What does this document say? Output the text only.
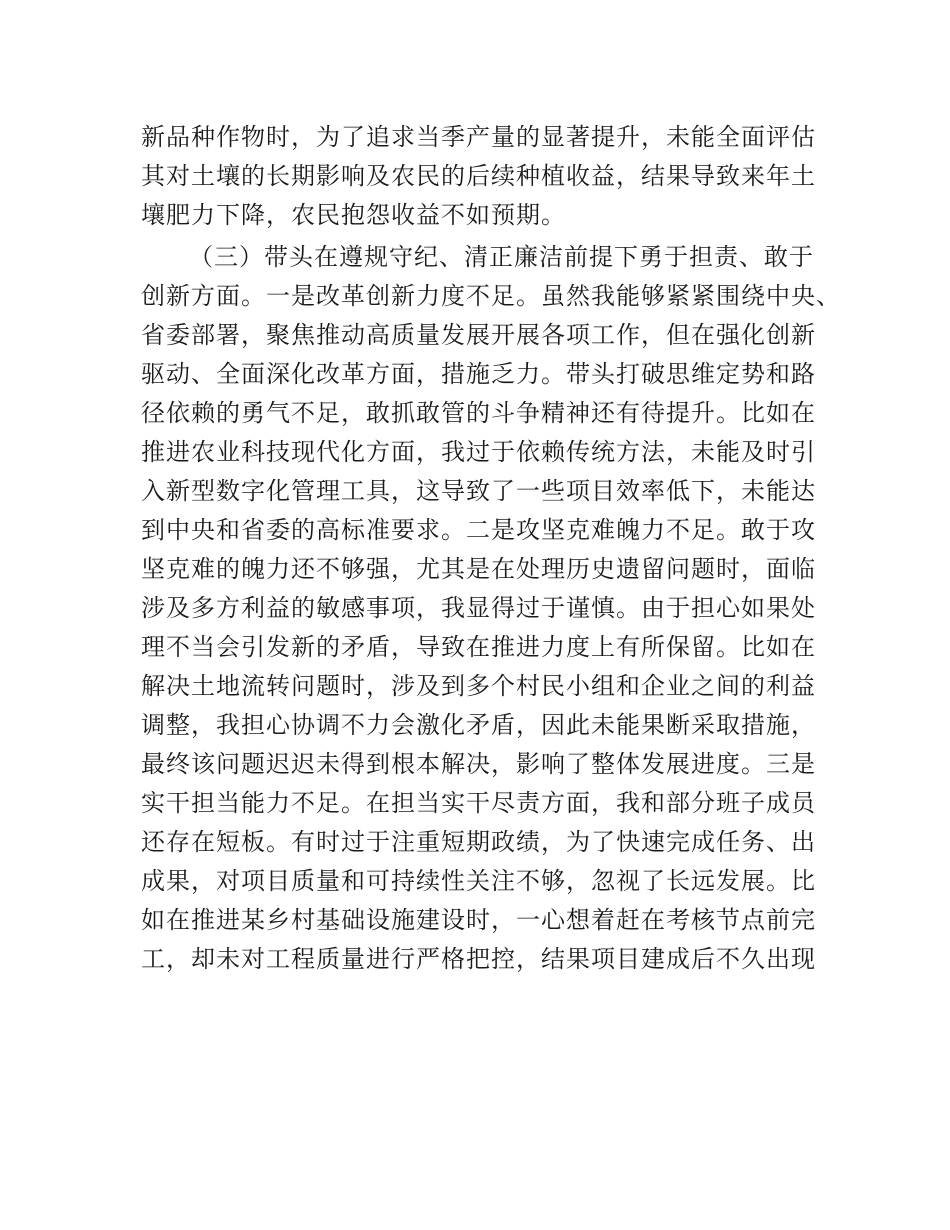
新品种作物时，为了追求当季产量的显著提升，未能全面评估
其对土壤的长期影响及农民的后续种植收益，结果导致来年土
壤肥力下降，农民抱怨收益不如预期。
（三）带头在遵规守纪、清正廉洁前提下勇于担责、敢于
创新方面。一是改革创新力度不足。虽然我能够紧紧围绕中央、
省委部署，聚焦推动高质量发展开展各项工作，但在强化创新
驱动、全面深化改革方面，措施乏力。带头打破思维定势和路
径依赖的勇气不足，敢抓敢管的斗争精神还有待提升。比如在
推进农业科技现代化方面，我过于依赖传统方法，未能及时引
入新型数字化管理工具，这导致了一些项目效率低下，未能达
到中央和省委的高标准要求。二是攻坚克难魄力不足。敢于攻
坚克难的魄力还不够强，尤其是在处理历史遗留问题时，面临
涉及多方利益的敏感事项，我显得过于谨慎。由于担心如果处
理不当会引发新的矛盾，导致在推进力度上有所保留。比如在
解决土地流转问题时，涉及到多个村民小组和企业之间的利益
调整，我担心协调不力会激化矛盾，因此未能果断采取措施，
最终该问题迟迟未得到根本解决，影响了整体发展进度。三是
实干担当能力不足。在担当实干尽责方面，我和部分班子成员
还存在短板。有时过于注重短期政绩，为了快速完成任务、出
成果，对项目质量和可持续性关注不够，忽视了长远发展。比
如在推进某乡村基础设施建设时，一心想着赶在考核节点前完
工，却未对工程质量进行严格把控，结果项目建成后不久出现
